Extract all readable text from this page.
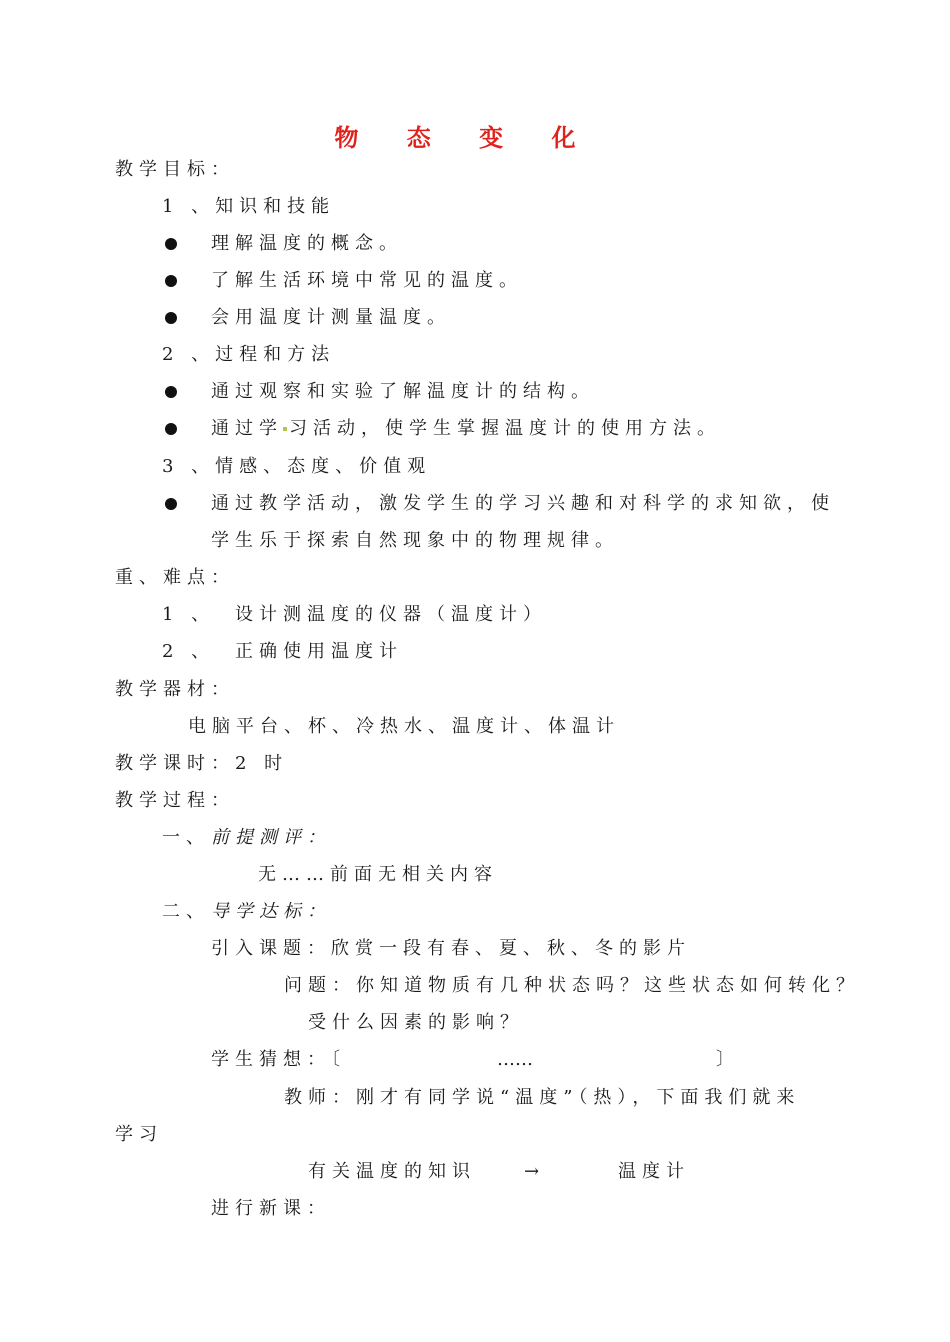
物 态 变 化
教学目标：
1 、知识和技能
理解温度的概念。
了解生活环境中常见的温度。
会用温度计测量温度。
2 、过程和方法
通过观察和实验了解温度计的结构。
通过学 习活动，使学生掌握温度计的使用方法。
3 、情感、态度、价值观
通过教学活动，激发学生的学习兴趣和对科学的求知欲，使
学生乐于探索自然现象中的物理规律。
重、难点：
1 、 设计测温度的仪器（温度计）
2 、 正确使用温度计
教学器材：
电脑平台、杯、冷热水、温度计、体温计
教学课时：2 时
教学过程：
一、 前提测评：
无……前面无相关内容
二、 导学达标：
引入课题：欣赏一段有春、夏、秋、冬的影片
问题：你知道物质有几种状态吗？这些状态如何转化？
受什么因素的影响？
学生猜想：〔	……	〕
教师：刚才有同学说“温度”（热），下面我们就来
学习
有关温度的知识	→	温度计
进行新课：
